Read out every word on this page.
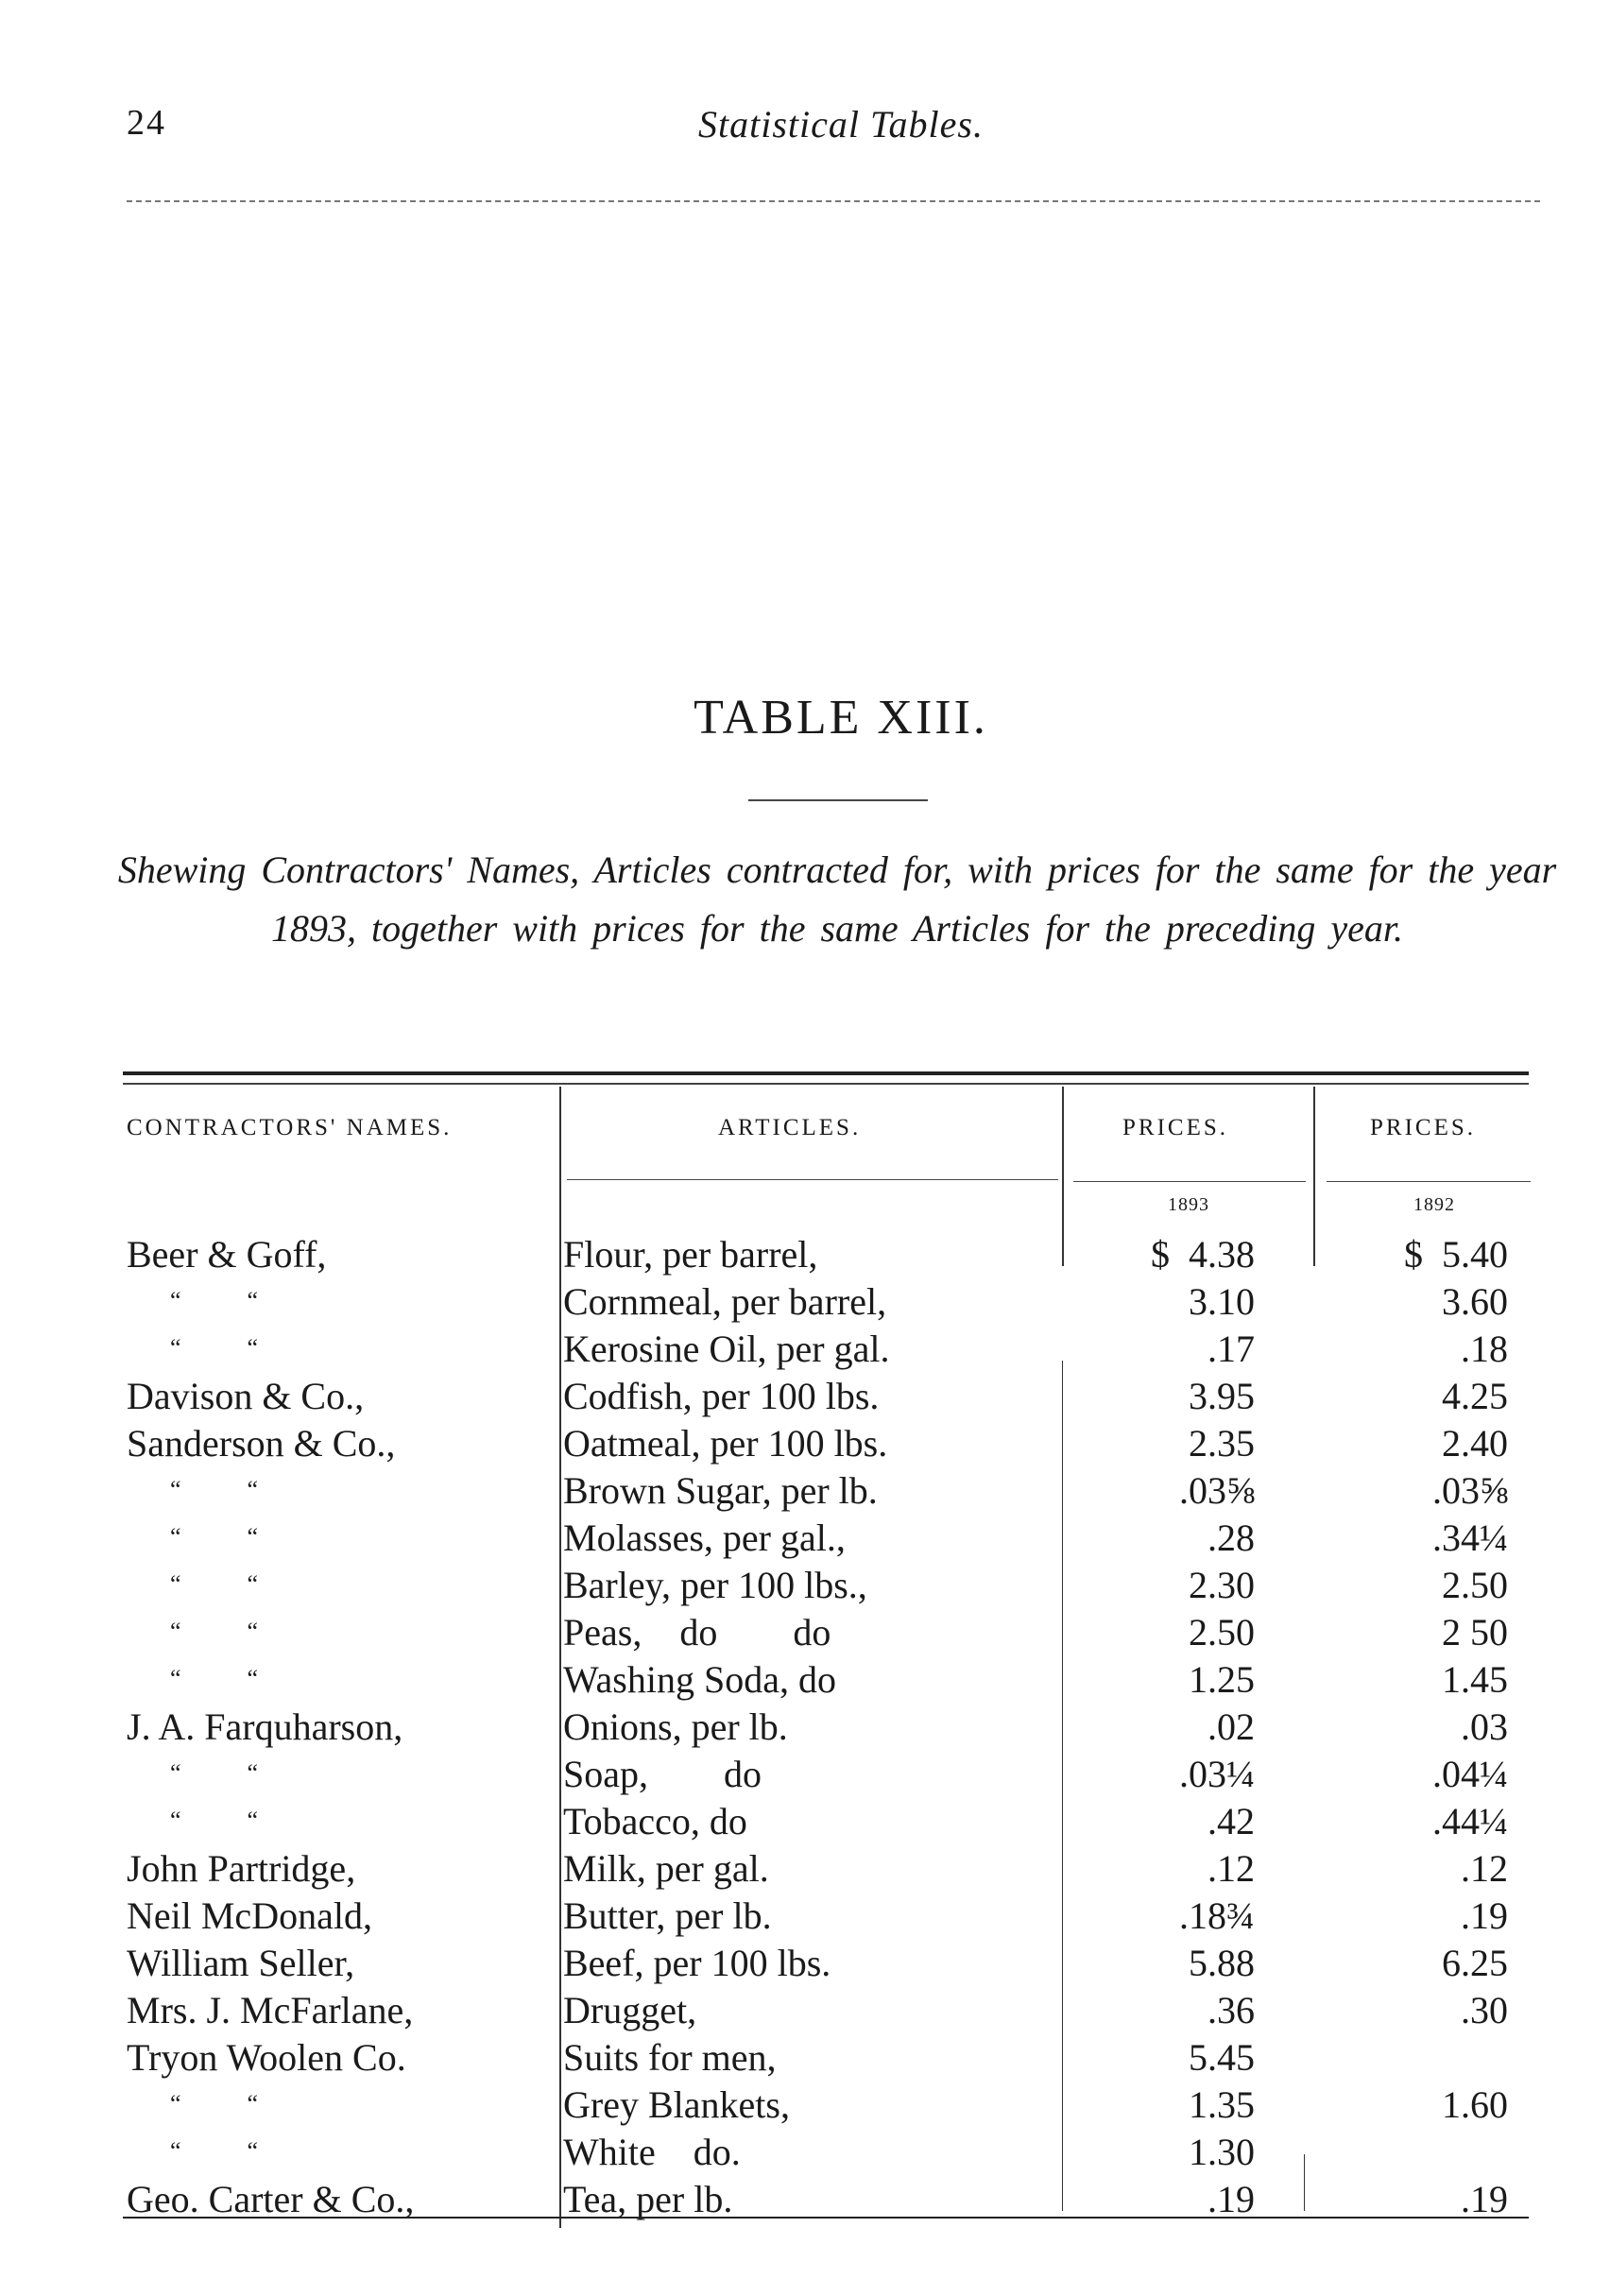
24	Statistical Tables.
TABLE XIII.
Shewing Contractors' Names, Articles contracted for, with prices for the same for the year 1893, together with prices for the same Articles for the preceding year.
CONTRACTORS' NAMES.	ARTICLES.	PRICES.	PRICES.
1893	1892
Beer & Goff,	Flour, per barrel,	$  4.38	$  5.40
“        “	Cornmeal, per barrel,	3.10	3.60
“        “	Kerosine Oil, per gal.	.17	.18
Davison & Co.,	Codfish, per 100 lbs.	3.95	4.25
Sanderson & Co.,	Oatmeal, per 100 lbs.	2.35	2.40
“        “	Brown Sugar, per lb.	.03⅝	.03⅝
“        “	Molasses, per gal.,	.28	.34¼
“        “	Barley, per 100 lbs.,	2.30	2.50
“        “	Peas,    do        do	2.50	2 50
“        “	Washing Soda, do	1.25	1.45
J. A. Farquharson,	Onions, per lb.	.02	.03
“        “	Soap,        do	.03¼	.04¼
“        “	Tobacco, do	.42	.44¼
John Partridge,	Milk, per gal.	.12	.12
Neil McDonald,	Butter, per lb.	.18¾	.19
William Seller,	Beef, per 100 lbs.	5.88	6.25
Mrs. J. McFarlane,	Drugget,	.36	.30
Tryon Woolen Co.	Suits for men,	5.45
“        “	Grey Blankets,	1.35	1.60
“        “	White    do.	1.30
Geo. Carter & Co.,	Tea, per lb.	.19	.19
